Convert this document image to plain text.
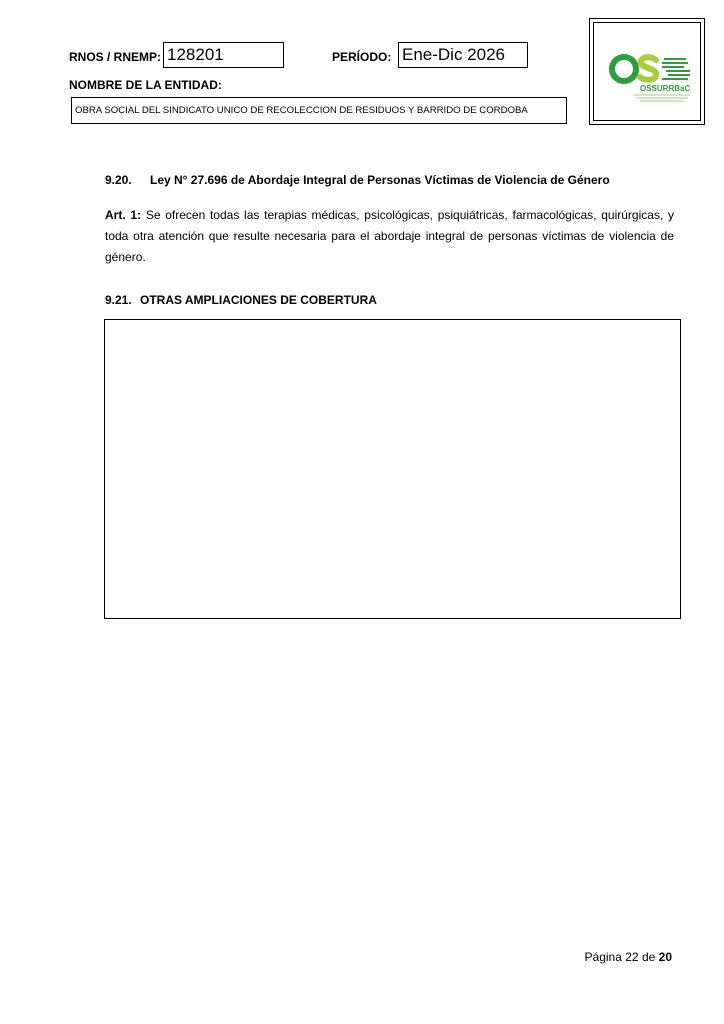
RNOS / RNEMP: 128201	PERÍODO: Ene-Dic 2026
NOMBRE DE LA ENTIDAD:
OBRA SOCIAL DEL SINDICATO UNICO DE RECOLECCION DE RESIDUOS Y BARRIDO DE CORDOBA
OSSURRBaC
9.20. Ley N° 27.696 de Abordaje Integral de Personas Víctimas de Violencia de Género
Art. 1: Se ofrecen todas las terapias médicas, psicológicas, psiquiátricas, farmacológicas, quirúrgicas, y toda otra atención que resulte necesaria para el abordaje integral de personas víctimas de violencia de género.
9.21. OTRAS AMPLIACIONES DE COBERTURA
Página 22 de 20
